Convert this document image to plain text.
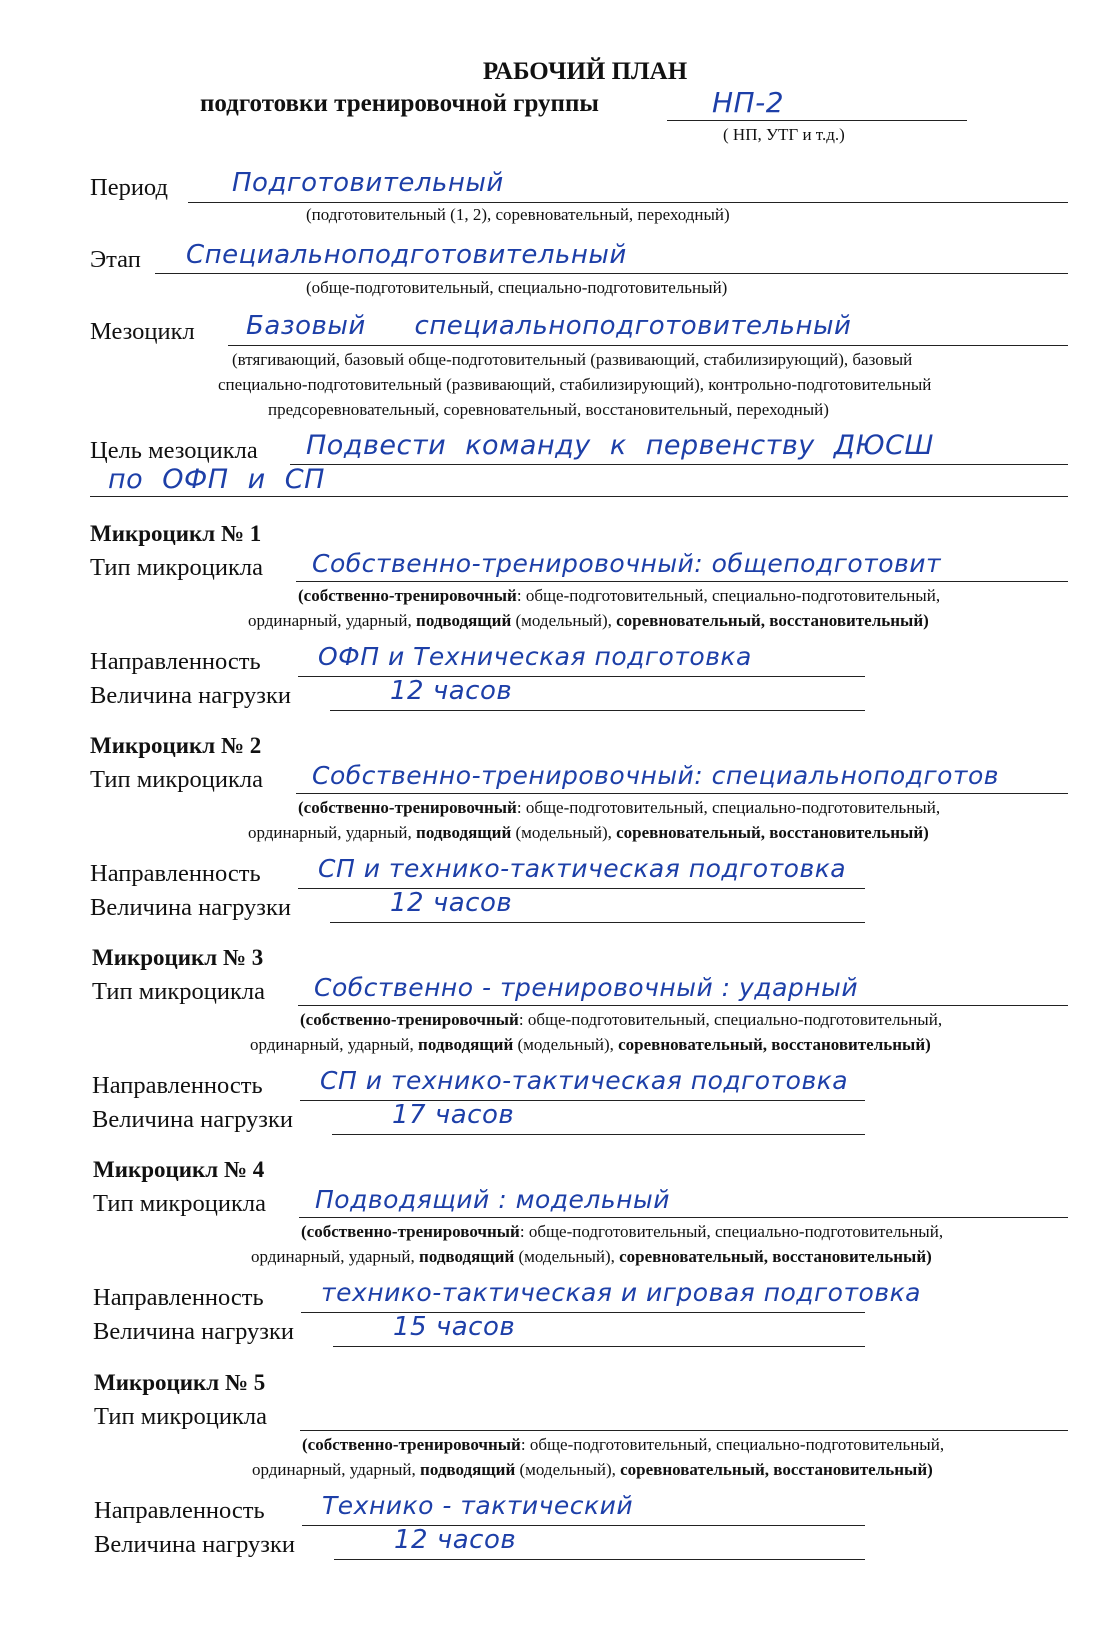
РАБОЧИЙ ПЛАН
подготовки тренировочной группы	НП-2
( НП, УТГ и т.д.)
Период Подготовительный
(подготовительный (1, 2), соревновательный, переходный)
Этап Специальноподготовительный
(обще-подготовительный, специально-подготовительный)
Мезоцикл Базовый специальноподготовительный
(втягивающий, базовый обще-подготовительный (развивающий, стабилизирующий), базовый
специально-подготовительный (развивающий, стабилизирующий), контрольно-подготовительный
предсоревновательный, соревновательный, восстановительный, переходный)
Цель мезоцикла Подвести команду к первенству ДЮСШ
по ОФП и СП
Микроцикл № 1
Тип микроцикла Собственно-тренировочный: общеподготовит
(собственно-тренировочный: обще-подготовительный, специально-подготовительный,
ординарный, ударный, подводящий (модельный), соревновательный, восстановительный)
Направленность ОФП и Техническая подготовка
Величина нагрузки	12 часов
Микроцикл № 2
Тип микроцикла Собственно-тренировочный: специальноподготов
(собственно-тренировочный: обще-подготовительный, специально-подготовительный,
ординарный, ударный, подводящий (модельный), соревновательный, восстановительный)
Направленность СП и технико-тактическая подготовка
Величина нагрузки	12 часов
Микроцикл № 3
Тип микроцикла Собственно - тренировочный : ударный
(собственно-тренировочный: обще-подготовительный, специально-подготовительный,
ординарный, ударный, подводящий (модельный), соревновательный, восстановительный)
Направленность СП и технико-тактическая подготовка
Величина нагрузки	17 часов
Микроцикл № 4
Тип микроцикла Подводящий : модельный
(собственно-тренировочный: обще-подготовительный, специально-подготовительный,
ординарный, ударный, подводящий (модельный), соревновательный, восстановительный)
Направленность технико-тактическая и игровая подготовка
Величина нагрузки	15 часов
Микроцикл № 5
Тип микроцикла
(собственно-тренировочный: обще-подготовительный, специально-подготовительный,
ординарный, ударный, подводящий (модельный), соревновательный, восстановительный)
Направленность Технико - тактический
Величина нагрузки	12 часов
